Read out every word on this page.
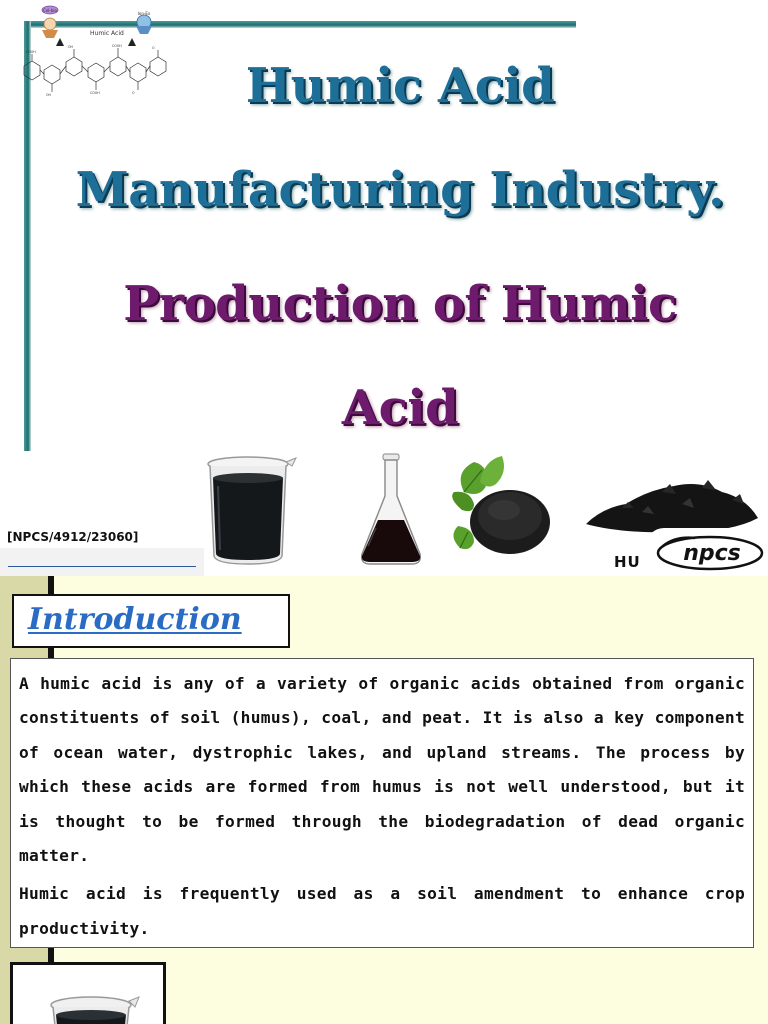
Humic Acid
Manufacturing Industry.
Production of Humic
Acid
Cel-bio
Ion-Ex
Humic Acid
COOH
OH	COOH	O
OH	COOH	O
[NPCS/4912/23060]
HU npcs
Introduction

A humic acid is any of a variety of organic acids obtained from organic constituents of soil (humus), coal, and peat. It is also a key component of ocean water, dystrophic lakes, and upland streams. The process by which these acids are formed from humus is not well understood, but it is thought to be formed through the biodegradation of dead organic matter.

Humic acid is frequently used as a soil amendment to enhance crop productivity.
